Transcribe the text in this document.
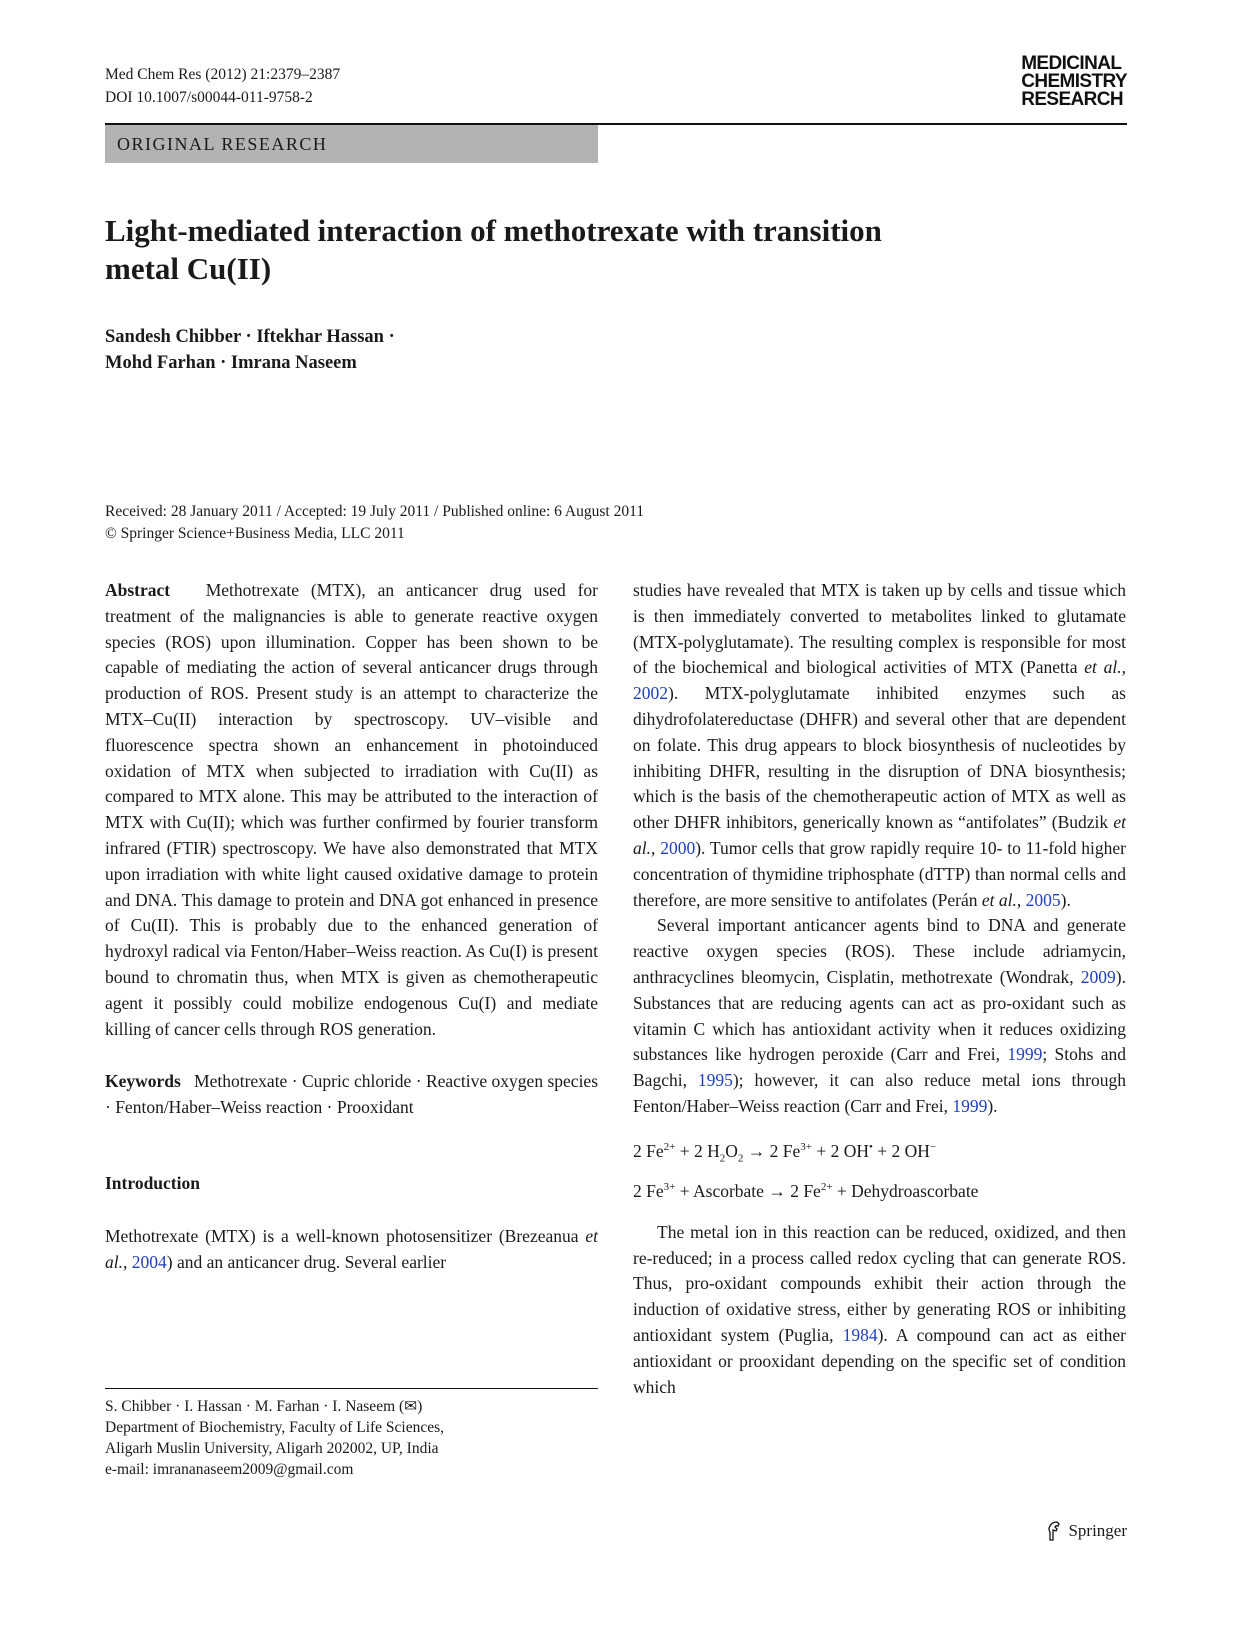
Med Chem Res (2012) 21:2379–2387
DOI 10.1007/s00044-011-9758-2
MEDICINAL
CHEMISTRY
RESEARCH
ORIGINAL RESEARCH
Light-mediated interaction of methotrexate with transition
metal Cu(II)
Sandesh Chibber · Iftekhar Hassan ·
Mohd Farhan · Imrana Naseem
Received: 28 January 2011 / Accepted: 19 July 2011 / Published online: 6 August 2011
© Springer Science+Business Media, LLC 2011

Abstract Methotrexate (MTX), an anticancer drug used for treatment of the malignancies is able to generate reactive oxygen species (ROS) upon illumination. Copper has been shown to be capable of mediating the action of several anticancer drugs through production of ROS. Present study is an attempt to characterize the MTX–Cu(II) interaction by spectroscopy. UV–visible and fluorescence spectra shown an enhancement in photoinduced oxidation of MTX when subjected to irradiation with Cu(II) as compared to MTX alone. This may be attributed to the interaction of MTX with Cu(II); which was further confirmed by fourier transform infrared (FTIR) spectroscopy. We have also demonstrated that MTX upon irradiation with white light caused oxidative damage to protein and DNA. This damage to protein and DNA got enhanced in presence of Cu(II). This is probably due to the enhanced generation of hydroxyl radical via Fenton/Haber–Weiss reaction. As Cu(I) is present bound to chromatin thus, when MTX is given as chemotherapeutic agent it possibly could mobilize endogenous Cu(I) and mediate killing of cancer cells through ROS generation.

Keywords Methotrexate · Cupric chloride · Reactive oxygen species · Fenton/Haber–Weiss reaction · Prooxidant

Introduction

Methotrexate (MTX) is a well-known photosensitizer (Brezeanua et al., 2004) and an anticancer drug. Several earlier

S. Chibber · I. Hassan · M. Farhan · I. Naseem (✉)
Department of Biochemistry, Faculty of Life Sciences,
Aligarh Muslin University, Aligarh 202002, UP, India
e-mail: imrananaseem2009@gmail.com

studies have revealed that MTX is taken up by cells and tissue which is then immediately converted to metabolites linked to glutamate (MTX-polyglutamate). The resulting complex is responsible for most of the biochemical and biological activities of MTX (Panetta et al., 2002). MTX-polyglutamate inhibited enzymes such as dihydrofolatereductase (DHFR) and several other that are dependent on folate. This drug appears to block biosynthesis of nucleotides by inhibiting DHFR, resulting in the disruption of DNA biosynthesis; which is the basis of the chemotherapeutic action of MTX as well as other DHFR inhibitors, generically known as “antifolates” (Budzik et al., 2000). Tumor cells that grow rapidly require 10- to 11-fold higher concentration of thymidine triphosphate (dTTP) than normal cells and therefore, are more sensitive to antifolates (Perán et al., 2005).

Several important anticancer agents bind to DNA and generate reactive oxygen species (ROS). These include adriamycin, anthracyclines bleomycin, Cisplatin, methotrexate (Wondrak, 2009). Substances that are reducing agents can act as pro-oxidant such as vitamin C which has antioxidant activity when it reduces oxidizing substances like hydrogen peroxide (Carr and Frei, 1999; Stohs and Bagchi, 1995); however, it can also reduce metal ions through Fenton/Haber–Weiss reaction (Carr and Frei, 1999).

2 $Fe^{2+} + 2$ $H_2O_2 \to 2$ $Fe^{3+} + 2$ OH• + 2 OH−

2 $Fe^{3+}$ + Ascorbate → 2 $Fe^{2+}$ + Dehydroascorbate

The metal ion in this reaction can be reduced, oxidized, and then re-reduced; in a process called redox cycling that can generate ROS. Thus, pro-oxidant compounds exhibit their action through the induction of oxidative stress, either by generating ROS or inhibiting antioxidant system (Puglia, 1984). A compound can act as either antioxidant or prooxidant depending on the specific set of condition which

Springer
